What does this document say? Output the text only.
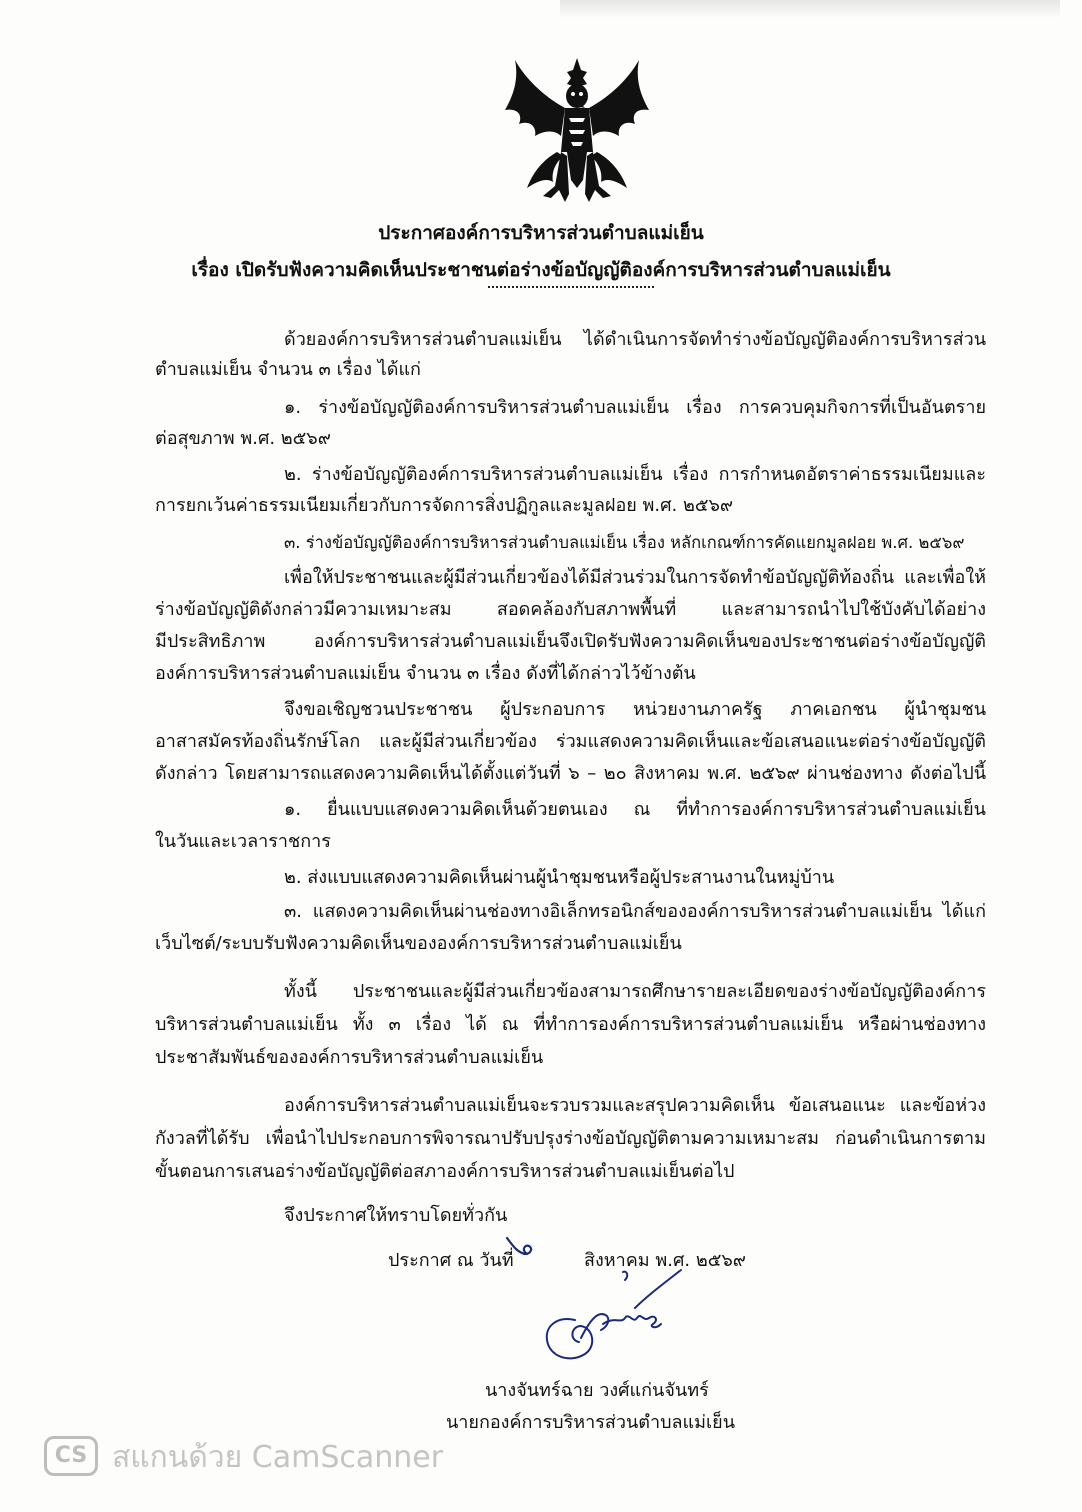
ประกาศองค์การบริหารส่วนตำบลแม่เย็น
เรื่อง เปิดรับฟังความคิดเห็นประชาชนต่อร่างข้อบัญญัติองค์การบริหารส่วนตำบลแม่เย็น
ด้วยองค์การบริหารส่วนตำบลแม่เย็น ได้ดำเนินการจัดทำร่างข้อบัญญัติองค์การบริหารส่วน
ตำบลแม่เย็น จำนวน ๓ เรื่อง ได้แก่
๑. ร่างข้อบัญญัติองค์การบริหารส่วนตำบลแม่เย็น เรื่อง การควบคุมกิจการที่เป็นอันตราย
ต่อสุขภาพ พ.ศ. ๒๕๖๙
๒. ร่างข้อบัญญัติองค์การบริหารส่วนตำบลแม่เย็น เรื่อง การกำหนดอัตราค่าธรรมเนียมและ
การยกเว้นค่าธรรมเนียมเกี่ยวกับการจัดการสิ่งปฏิกูลและมูลฝอย พ.ศ. ๒๕๖๙
๓. ร่างข้อบัญญัติองค์การบริหารส่วนตำบลแม่เย็น เรื่อง หลักเกณฑ์การคัดแยกมูลฝอย พ.ศ. ๒๕๖๙
เพื่อให้ประชาชนและผู้มีส่วนเกี่ยวข้องได้มีส่วนร่วมในการจัดทำข้อบัญญัติท้องถิ่น และเพื่อให้
ร่างข้อบัญญัติดังกล่าวมีความเหมาะสม สอดคล้องกับสภาพพื้นที่ และสามารถนำไปใช้บังคับได้อย่าง
มีประสิทธิภาพ องค์การบริหารส่วนตำบลแม่เย็นจึงเปิดรับฟังความคิดเห็นของประชาชนต่อร่างข้อบัญญัติ
องค์การบริหารส่วนตำบลแม่เย็น จำนวน ๓ เรื่อง ดังที่ได้กล่าวไว้ข้างต้น
จึงขอเชิญชวนประชาชน ผู้ประกอบการ หน่วยงานภาครัฐ ภาคเอกชน ผู้นำชุมชน
อาสาสมัครท้องถิ่นรักษ์โลก และผู้มีส่วนเกี่ยวข้อง ร่วมแสดงความคิดเห็นและข้อเสนอแนะต่อร่างข้อบัญญัติ
ดังกล่าว โดยสามารถแสดงความคิดเห็นได้ตั้งแต่วันที่ ๖ – ๒๐ สิงหาคม พ.ศ. ๒๕๖๙ ผ่านช่องทาง ดังต่อไปนี้
๑. ยื่นแบบแสดงความคิดเห็นด้วยตนเอง ณ ที่ทำการองค์การบริหารส่วนตำบลแม่เย็น
ในวันและเวลาราชการ
๒. ส่งแบบแสดงความคิดเห็นผ่านผู้นำชุมชนหรือผู้ประสานงานในหมู่บ้าน
๓. แสดงความคิดเห็นผ่านช่องทางอิเล็กทรอนิกส์ขององค์การบริหารส่วนตำบลแม่เย็น ได้แก่
เว็บไซต์/ระบบรับฟังความคิดเห็นขององค์การบริหารส่วนตำบลแม่เย็น
ทั้งนี้ ประชาชนและผู้มีส่วนเกี่ยวข้องสามารถศึกษารายละเอียดของร่างข้อบัญญัติองค์การ
บริหารส่วนตำบลแม่เย็น ทั้ง ๓ เรื่อง ได้ ณ ที่ทำการองค์การบริหารส่วนตำบลแม่เย็น หรือผ่านช่องทาง
ประชาสัมพันธ์ขององค์การบริหารส่วนตำบลแม่เย็น
องค์การบริหารส่วนตำบลแม่เย็นจะรวบรวมและสรุปความคิดเห็น ข้อเสนอแนะ และข้อห่วง
กังวลที่ได้รับ เพื่อนำไปประกอบการพิจารณาปรับปรุงร่างข้อบัญญัติตามความเหมาะสม ก่อนดำเนินการตาม
ขั้นตอนการเสนอร่างข้อบัญญัติต่อสภาองค์การบริหารส่วนตำบลแม่เย็นต่อไป
จึงประกาศให้ทราบโดยทั่วกัน
ประกาศ ณ วันที่	สิงหาคม พ.ศ. ๒๕๖๙
นางจันทร์ฉาย วงศ์แก่นจันทร์
นายกองค์การบริหารส่วนตำบลแม่เย็น
CS สแกนด้วย CamScanner
